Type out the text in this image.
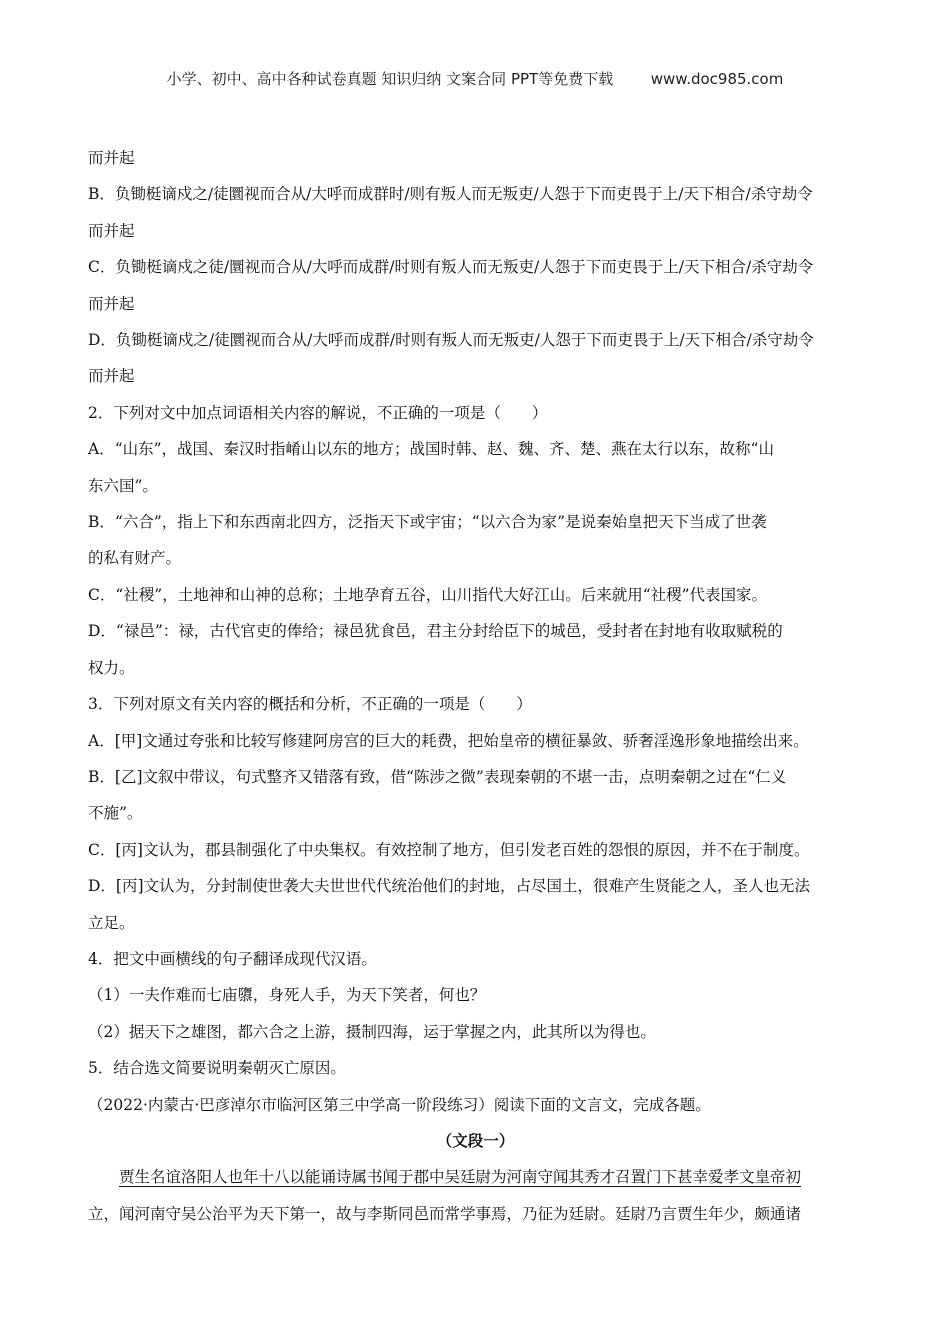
小学、初中、高中各种试卷真题 知识归纳 文案合同 PPT等免费下载	www.doc985.com
而并起
B．负锄梃谪戍之/徒圜视而合从/大呼而成群时/则有叛人而无叛吏/人怨于下而吏畏于上/天下相合/杀守劫令
而并起
C．负锄梃谪戍之徒/圜视而合从/大呼而成群/时则有叛人而无叛吏/人怨于下而吏畏于上/天下相合/杀守劫令
而并起
D．负锄梃谪戍之/徒圜视而合从/大呼而成群/时则有叛人而无叛吏/人怨于下而吏畏于上/天下相合/杀守劫令
而并起
2．下列对文中加点词语相关内容的解说，不正确的一项是（　　）
A．“山东”，战国、秦汉时指崤山以东的地方；战国时韩、赵、魏、齐、楚、燕在太行以东，故称“山
东六国”。
B．“六合”，指上下和东西南北四方，泛指天下或宇宙；“以六合为家”是说秦始皇把天下当成了世袭
的私有财产。
C．“社稷”，土地神和山神的总称；土地孕育五谷，山川指代大好江山。后来就用“社稷”代表国家。
D．“禄邑”：禄，古代官吏的俸给；禄邑犹食邑，君主分封给臣下的城邑，受封者在封地有收取赋税的
权力。
3．下列对原文有关内容的概括和分析，不正确的一项是（　　）
A．[甲]文通过夸张和比较写修建阿房宫的巨大的耗费，把始皇帝的横征暴敛、骄奢淫逸形象地描绘出来。
B．[乙]文叙中带议，句式整齐又错落有致，借“陈涉之微”表现秦朝的不堪一击，点明秦朝之过在“仁义
不施”。
C．[丙]文认为，郡县制强化了中央集权。有效控制了地方，但引发老百姓的怨恨的原因，并不在于制度。
D．[丙]文认为，分封制使世袭大夫世世代代统治他们的封地，占尽国土，很难产生贤能之人，圣人也无法
立足。
4．把文中画横线的句子翻译成现代汉语。
（1）一夫作难而七庙隳，身死人手，为天下笑者，何也？
（2）据天下之雄图，都六合之上游，摄制四海，运于掌握之内，此其所以为得也。
5．结合选文简要说明秦朝灭亡原因。
（2022·内蒙古·巴彦淖尔市临河区第三中学高一阶段练习）阅读下面的文言文，完成各题。
（文段一）
贾生名谊洛阳人也年十八以能诵诗属书闻于郡中吴廷尉为河南守闻其秀才召置门下甚幸爱孝文皇帝初
立，闻河南守吴公治平为天下第一，故与李斯同邑而常学事焉，乃征为廷尉。廷尉乃言贾生年少，颇通诸
